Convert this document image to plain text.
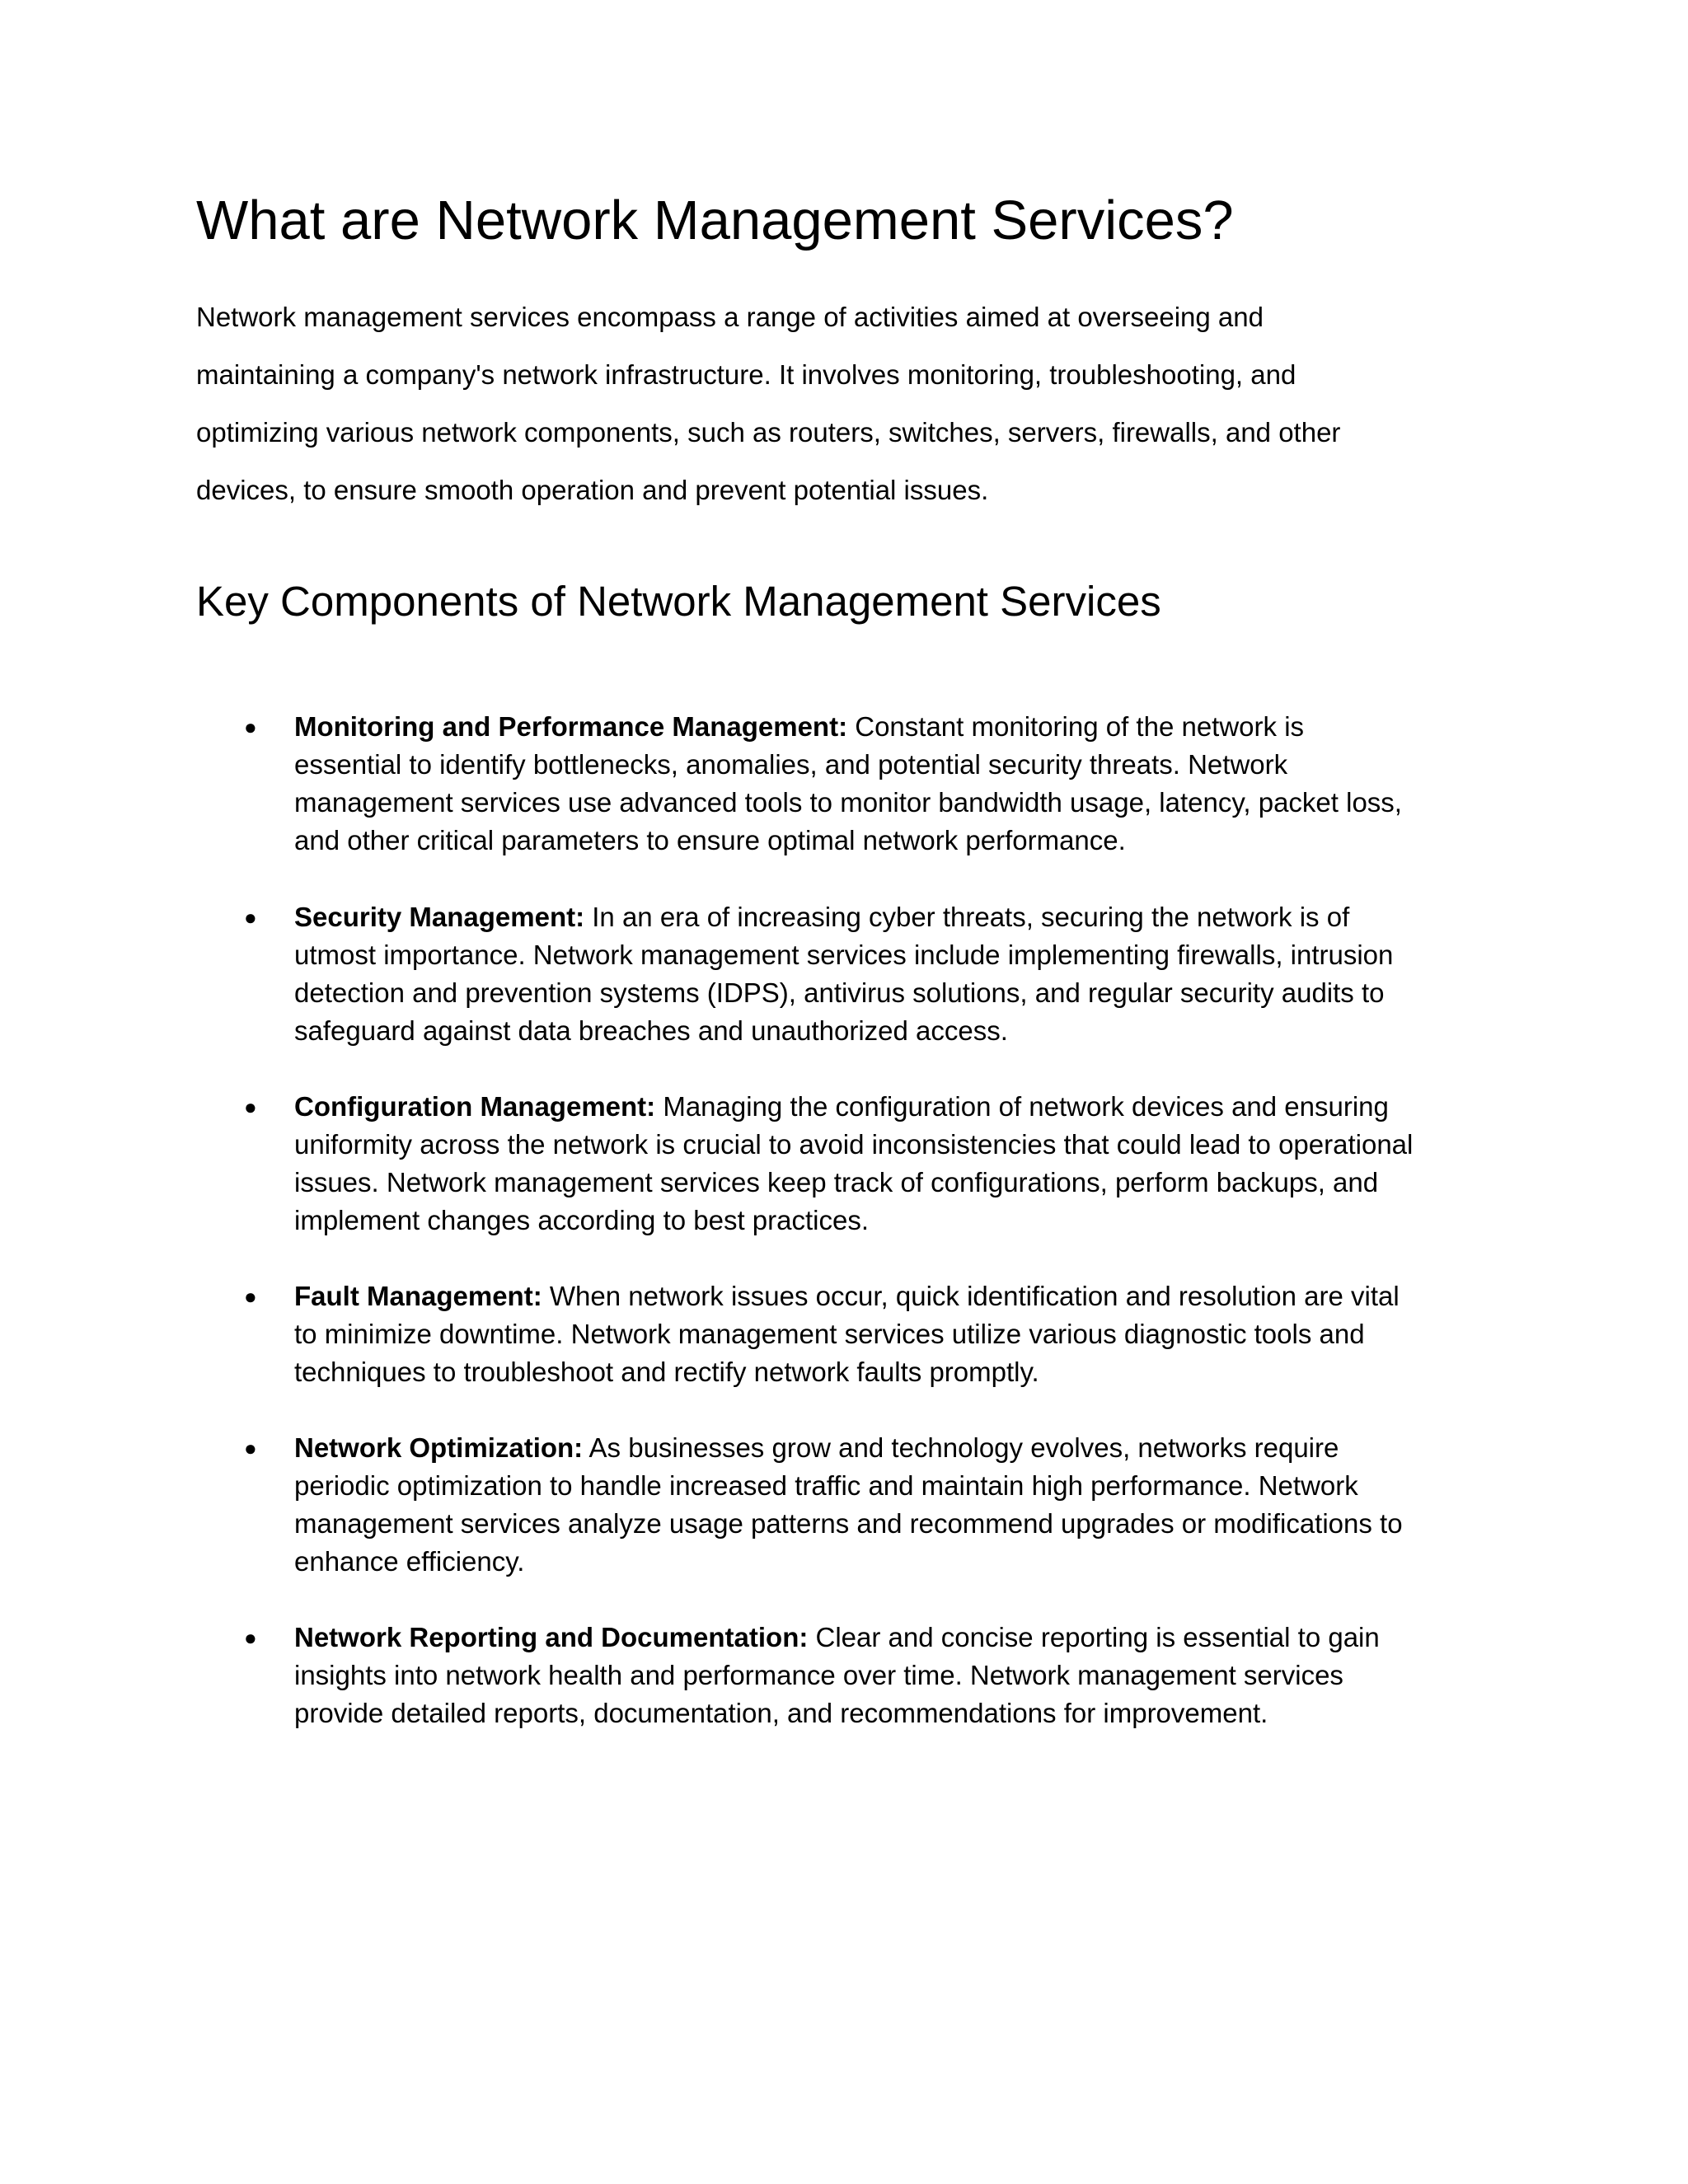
What are Network Management Services?

Network management services encompass a range of activities aimed at overseeing and
maintaining a company's network infrastructure. It involves monitoring, troubleshooting, and
optimizing various network components, such as routers, switches, servers, firewalls, and other
devices, to ensure smooth operation and prevent potential issues.

Key Components of Network Management Services
● Monitoring and Performance Management: Constant monitoring of the network is
essential to identify bottlenecks, anomalies, and potential security threats. Network
management services use advanced tools to monitor bandwidth usage, latency, packet loss,
and other critical parameters to ensure optimal network performance.
● Security Management: In an era of increasing cyber threats, securing the network is of
utmost importance. Network management services include implementing firewalls, intrusion
detection and prevention systems (IDPS), antivirus solutions, and regular security audits to
safeguard against data breaches and unauthorized access.
● Configuration Management: Managing the configuration of network devices and ensuring
uniformity across the network is crucial to avoid inconsistencies that could lead to operational
issues. Network management services keep track of configurations, perform backups, and
implement changes according to best practices.
● Fault Management: When network issues occur, quick identification and resolution are vital
to minimize downtime. Network management services utilize various diagnostic tools and
techniques to troubleshoot and rectify network faults promptly.
● Network Optimization: As businesses grow and technology evolves, networks require
periodic optimization to handle increased traffic and maintain high performance. Network
management services analyze usage patterns and recommend upgrades or modifications to
enhance efficiency.
● Network Reporting and Documentation: Clear and concise reporting is essential to gain
insights into network health and performance over time. Network management services
provide detailed reports, documentation, and recommendations for improvement.
